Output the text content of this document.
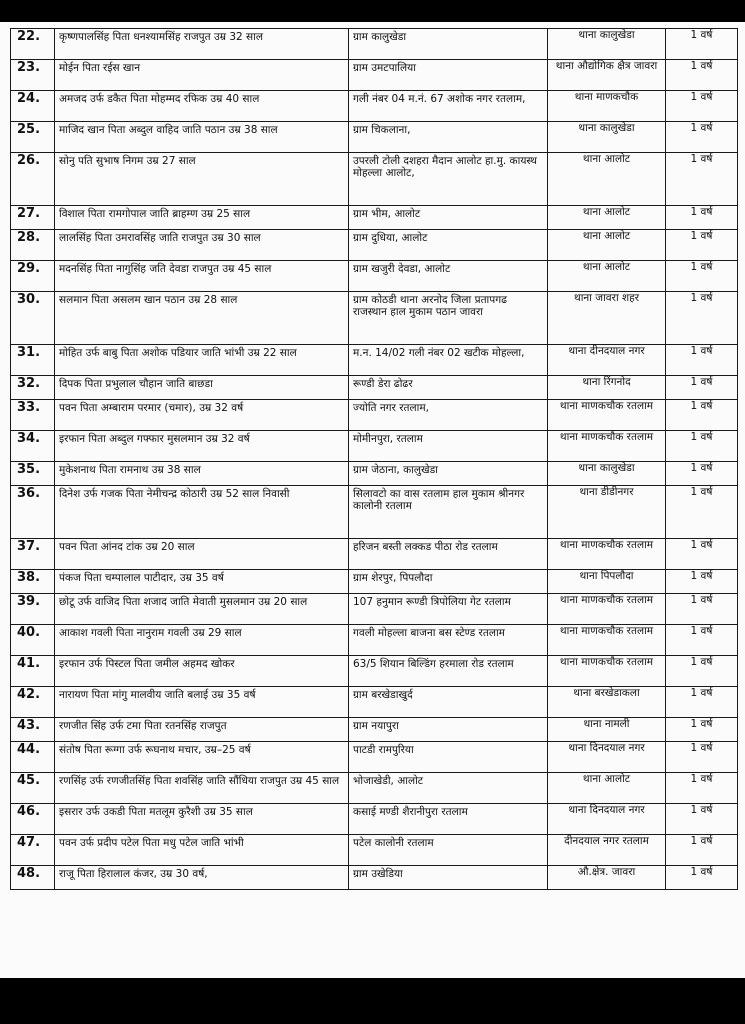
22.	कृष्णपालसिंह पिता धनश्यामसिंह राजपुत उम्र 32 साल	ग्राम कालुखेडा	थाना कालुखेडा	1 वर्ष
23.	मोईन पिता रईस खान	ग्राम उमटपालिया	थाना औद्योगिक क्षैत्र जावरा	1 वर्ष
24.	अमजद उर्फ डकैत पिता मोहम्मद रफिक उम्र 40 साल	गली नंबर 04 म.नं. 67 अशोक नगर रतलाम,	थाना माणकचौक	1 वर्ष
25.	माजिद खान पिता अब्दुल वाहिद जाति पठान उम्र 38 साल	ग्राम चिकलाना,	थाना कालुखेडा	1 वर्ष
26.	सोनु पति सुभाष निगम उम्र 27 साल	उपरली टोली दशहरा मैदान आलोट हा.मु. कायस्थ मोहल्ला आलोट,	थाना आलोट	1 वर्ष
27.	विशाल पिता रामगोपाल जाति ब्राहम्ण उम्र 25 साल	ग्राम भीम, आलोट	थाना आलोट	1 वर्ष
28.	लालसिंह पिता उमरावसिंह जाति राजपुत उम्र 30 साल	ग्राम दुधिया, आलोट	थाना आलोट	1 वर्ष
29.	मदनसिंह पिता नागुसिंह जति देवडा राजपुत उम्र 45 साल	ग्राम खजुरी देवडा, आलोट	थाना आलोट	1 वर्ष
30.	सलमान पिता असलम खान पठान उम्र 28 साल	ग्राम कोठडी थाना अरनोद जिला प्रतापगढ राजस्थान हाल मुकाम पठान जावरा	थाना जावरा शहर	1 वर्ष
31.	मोहित उर्फ बाबु पिता अशोक पडियार जाति भांभी उम्र 22 साल	म.न. 14/02 गली नंबर 02 खटीक मोहल्ला,	थाना दीनदयाल नगर	1 वर्ष
32.	दिपक पिता प्रभुलाल चौहान जाति बाछडा	रूण्डी डेरा ढोढर	थाना रिंगनोद	1 वर्ष
33.	पवन पिता अम्बाराम परमार (चमार), उम्र 32 वर्ष	ज्योति नगर रतलाम,	थाना माणकचौक रतलाम	1 वर्ष
34.	इरफान पिता अब्दुल गफ्फार मुसलमान उम्र 32 वर्ष	मोमीनपुरा, रतलाम	थाना माणकचौक रतलाम	1 वर्ष
35.	मुकेशनाथ पिता रामनाथ उम्र 38 साल	ग्राम जेठाना, कालुखेडा	थाना कालुखेडा	1 वर्ष
36.	दिनेश उर्फ गजक पिता नेमीचन्द्र कोठारी उम्र 52 साल निवासी	सिलावटो का वास रतलाम हाल मुकाम श्रीनगर कालोनी रतलाम	थाना डीडीनगर	1 वर्ष
37.	पवन पिता आंनद टांक उम्र 20 साल	हरिजन बस्ती लक्कड पीठा रोड रतलाम	थाना माणकचौक रतलाम	1 वर्ष
38.	पंकज पिता चम्पालाल पाटीदार, उम्र 35 वर्ष	ग्राम शेरपुर, पिपलौदा	थाना पिपलौदा	1 वर्ष
39.	छोटू उर्फ वाजिद पिता शजाद जाति मेवाती मुसलमान उम्र 20 साल	107 हनुमान रूण्डी त्रिपोलिया गेट रतलाम	थाना माणकचौक रतलाम	1 वर्ष
40.	आकाश गवली पिता नानुराम गवली उम्र 29 साल	गवली मोहल्ला बाजना बस स्टेण्ड रतलाम	थाना माणकचौक रतलाम	1 वर्ष
41.	इरफान उर्फ पिस्टल पिता जमील अहमद खोकर	63/5 शियान बिल्डिंग हरमाला रोड रतलाम	थाना माणकचौक रतलाम	1 वर्ष
42.	नारायण पिता मांगु मालवीय जाति बलाई उम्र 35 वर्ष	ग्राम बरखेडाखुर्द	थाना बरखेडाकला	1 वर्ष
43.	रणजीत सिंह उर्फ टमा पिता रतनसिंह राजपुत	ग्राम नयापुरा	थाना नामली	1 वर्ष
44.	संतोष पिता रूग्गा उर्फ रूघनाथ मचार, उम्र–25 वर्ष	पाटडी रामपुरिया	थाना दिनदयाल नगर	1 वर्ष
45.	रणसिंह उर्फ रणजीतसिंह पिता शवसिंह जाति सौंधिया राजपुत उम्र 45 साल	भोजाखेडी, आलोट	थाना आलोट	1 वर्ष
46.	इसरार उर्फ उकडी पिता मतलूम कुरैशी उम्र 35 साल	कसाई मण्डी शैरानीपुरा रतलाम	थाना दिनदयाल नगर	1 वर्ष
47.	पवन उर्फ प्रदीप पटेल पिता मधु पटेल जाति भांभी	पटेल कालोनी रतलाम	दीनदयाल नगर रतलाम	1 वर्ष
48.	राजू पिता हिरालाल कंजर, उम्र 30 वर्ष,	ग्राम उखेडिया	औ.क्षेत्र. जावरा	1 वर्ष
